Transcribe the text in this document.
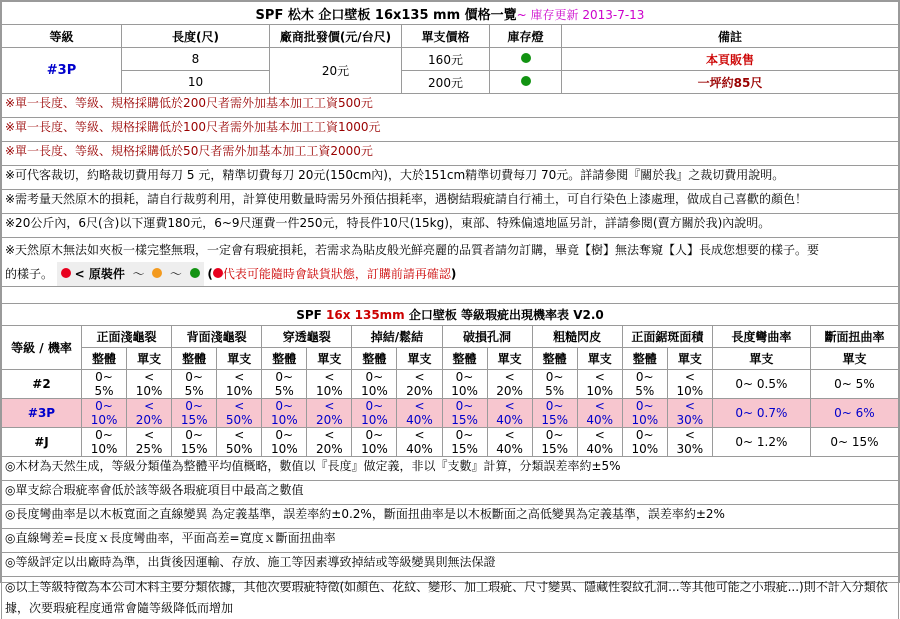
SPF 松木 企口壁板 16x135 mm 價格一覽~ 庫存更新 2013-7-13					
等級	長度(尺)	廠商批發價(元/台尺)	單支價格	庫存燈	備註
#3P	8	20元	160元		本頁販售
	10		200元		一坪約85尺
※單一長度、等級、規格採購低於200尺者需外加基本加工工資500元
※單一長度、等級、規格採購低於100尺者需外加基本加工工資1000元
※單一長度、等級、規格採購低於50尺者需外加基本加工工資2000元
※可代客裁切，約略裁切費用每刀 5 元，精準切費每刀 20元(150cm內)，大於151cm精準切費每刀 70元。詳請參閱『關於我』之裁切費用說明。
※需考量天然原木的損耗，請自行裁剪利用，計算使用數量時需另外預估損耗率，遇樹結瑕疵請自行補土，可自行染色上漆處理，做成自己喜歡的顏色！
※20公斤內，6尺(含)以下運費180元，6~9尺運費一件250元，特長件10尺(15kg)，東部、特殊偏遠地區另計，詳請參閱(賣方關於我)內說明。
※天然原木無法如夾板一樣完整無瑕，一定會有瑕疵損耗，若需求為貼皮般光鮮亮麗的品質者請勿訂購，畢竟【樹】無法奪窺【人】長成您想要的樣子。要
的樣子。 < 原裝件 ～ ～ ( 代表可能隨時會缺貨狀態，訂購前請再確認)
SPF 16x 135mm 企口壁板 等級瑕疵出現機率表 V2.0																
等級 / 機率	正面淺龜裂		背面淺龜裂		穿透龜裂		掉結/鬆結		破損孔洞		粗糙閃皮		正面鋸斑面積		長度彎曲率	斷面扭曲率
	整體	單支	整體	單支	整體	單支	整體	單支	整體	單支	整體	單支	整體	單支	單支	單支
#2	0~ 5%	< 10%	0~ 5%	< 10%	0~ 5%	< 10%	0~ 10%	< 20%	0~ 10%	< 20%	0~ 5%	< 10%	0~ 5%	< 10%	0~ 0.5%	0~ 5%
#3P	0~ 10%	< 20%	0~ 15%	< 50%	0~ 10%	< 20%	0~ 10%	< 40%	0~ 15%	< 40%	0~ 15%	< 40%	0~ 10%	< 30%	0~ 0.7%	0~ 6%
#J	0~ 10%	< 25%	0~ 15%	< 50%	0~ 10%	< 20%	0~ 10%	< 40%	0~ 15%	< 40%	0~ 15%	< 40%	0~ 10%	< 30%	0~ 1.2%	0~ 15%
◎木材為天然生成，等級分類僅為整體平均值概略，數值以『長度』做定義，非以『支數』計算，分類誤差率約±5%
◎單支綜合瑕疵率會低於該等級各瑕疵項目中最高之數值
◎長度彎曲率是以木板寬面之直線變異 為定義基準，誤差率約±0.2%，斷面扭曲率是以木板斷面之高低變異為定義基準，誤差率約±2%
◎直線彎差=長度ｘ長度彎曲率，平面高差=寬度ｘ斷面扭曲率
◎等級評定以出廠時為準，出貨後因運輸、存放、施工等因素導致掉結或等級變異則無法保證
◎以上等級特徵為本公司木料主要分類依據，其他次要瑕疵特徵(如顏色、花紋、變形、加工瑕疵、尺寸變異、隱藏性裂紋孔洞...等其他可能之小瑕疵...)則不計入分類依據，次要瑕疵程度通常會隨等級降低而增加
